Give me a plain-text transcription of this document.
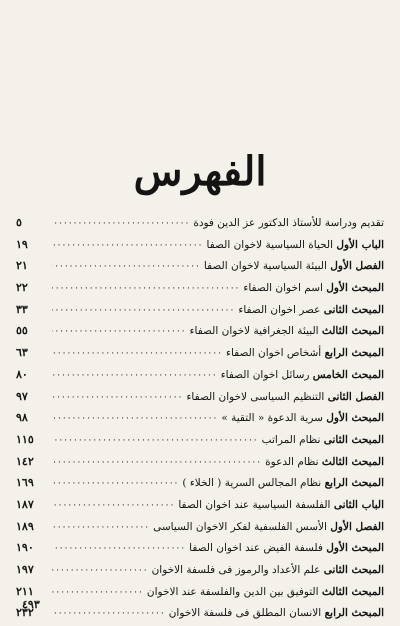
الفهرس
تقديم ودراسة للأستاذ الدكتور عز الدين فودة
·····
٥
الباب الأول الحياة السياسية لاخوان الصفا
·····
١٩
الفصل الأول البيئة السياسية لاخوان الصفا
·····
٢١
المبحث الأول اسم اخوان الصفاء
·····
٢٢
المبحث الثانى عصر اخوان الصفاء
·····
٣٣
المبحث الثالث البيئة الجغرافية لاخوان الصفاء
·····
٥٥
المبحث الرابع أشخاص اخوان الصفاء
·····
٦٣
المبحث الخامس رسائل اخوان الصفاء
·····
٨٠
الفصل الثانى التنظيم السياسى لاخوان الصفاء
·····
٩٧
المبحث الأول سرية الدعوة « التقية »
·····
٩٨
المبحث الثانى نظام المراتب
·····
١١٥
المبحث الثالث نظام الدعوة
·····
١٤٢
المبحث الرابع نظام المجالس السرية ( الخلاء )
·····
١٦٩
الباب الثانى الفلسفة السياسية عند اخوان الصفا
·····
١٨٧
الفصل الأول الأسس الفلسفية لفكر الاخوان السياسى
·····
١٨٩
المبحث الأول فلسفة الفيض عند اخوان الصفا
·····
١٩٠
المبحث الثانى علم الأعداد والرموز فى فلسفة الاخوان
·····
١٩٧
المبحث الثالث التوفيق بين الدين والفلسفة عند الاخوان
·····
٢١١
المبحث الرابع الانسان المطلق فى فلسفة الاخوان
·····
٢٣٢
٤٩٣
